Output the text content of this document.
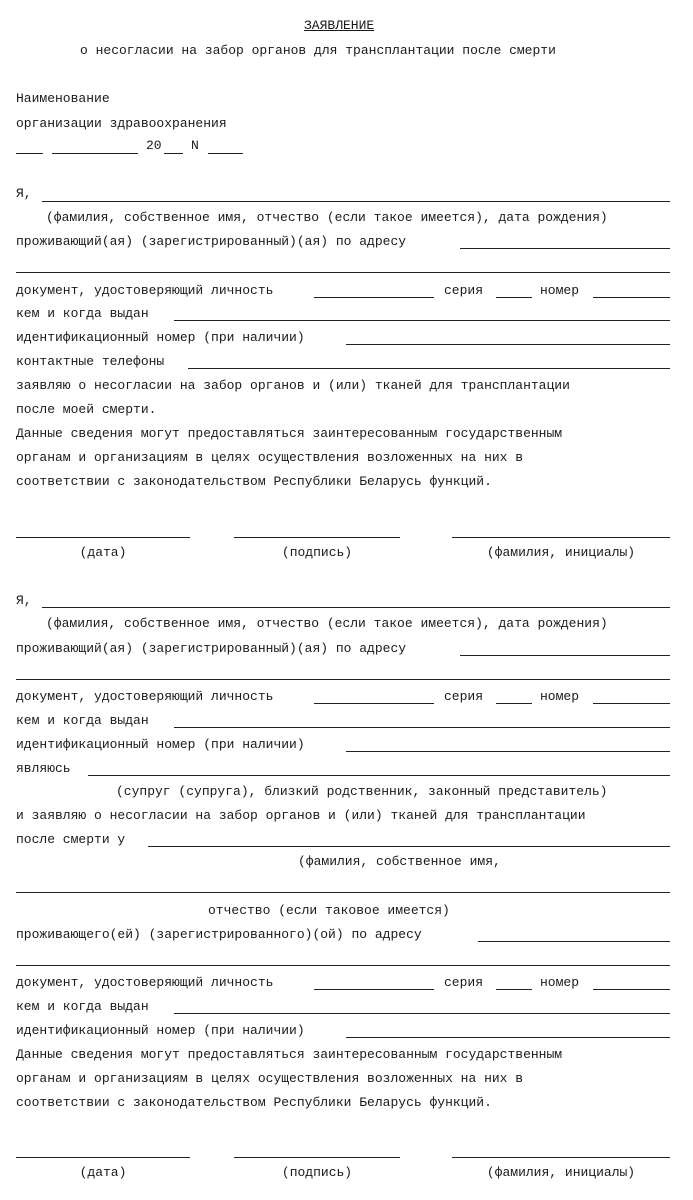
ЗАЯВЛЕНИЕ
о несогласии на забор органов для трансплантации после смерти
Наименование
организации здравоохранения
20 N
Я,
(фамилия, собственное имя, отчество (если такое имеется), дата рождения)
проживающий(ая) (зарегистрированный)(ая) по адресу
документ, удостоверяющий личность	серия	номер
кем и когда выдан
идентификационный номер (при наличии)
контактные телефоны
заявляю о несогласии на забор органов и (или) тканей для трансплантации
после моей смерти.
Данные сведения могут предоставляться заинтересованным государственным
органам и организациям в целях осуществления возложенных на них в
соответствии с законодательством Республики Беларусь функций.
(дата)	(подпись)	(фамилия, инициалы)
Я,
(фамилия, собственное имя, отчество (если такое имеется), дата рождения)
проживающий(ая) (зарегистрированный)(ая) по адресу
документ, удостоверяющий личность	серия	номер
кем и когда выдан
идентификационный номер (при наличии)
являюсь
(супруг (супруга), близкий родственник, законный представитель)
и заявляю о несогласии на забор органов и (или) тканей для трансплантации
после смерти у
(фамилия, собственное имя,
отчество (если таковое имеется)
проживающего(ей) (зарегистрированного)(ой) по адресу
документ, удостоверяющий личность	серия	номер
кем и когда выдан
идентификационный номер (при наличии)
Данные сведения могут предоставляться заинтересованным государственным
органам и организациям в целях осуществления возложенных на них в
соответствии с законодательством Республики Беларусь функций.
(дата)	(подпись)	(фамилия, инициалы)
